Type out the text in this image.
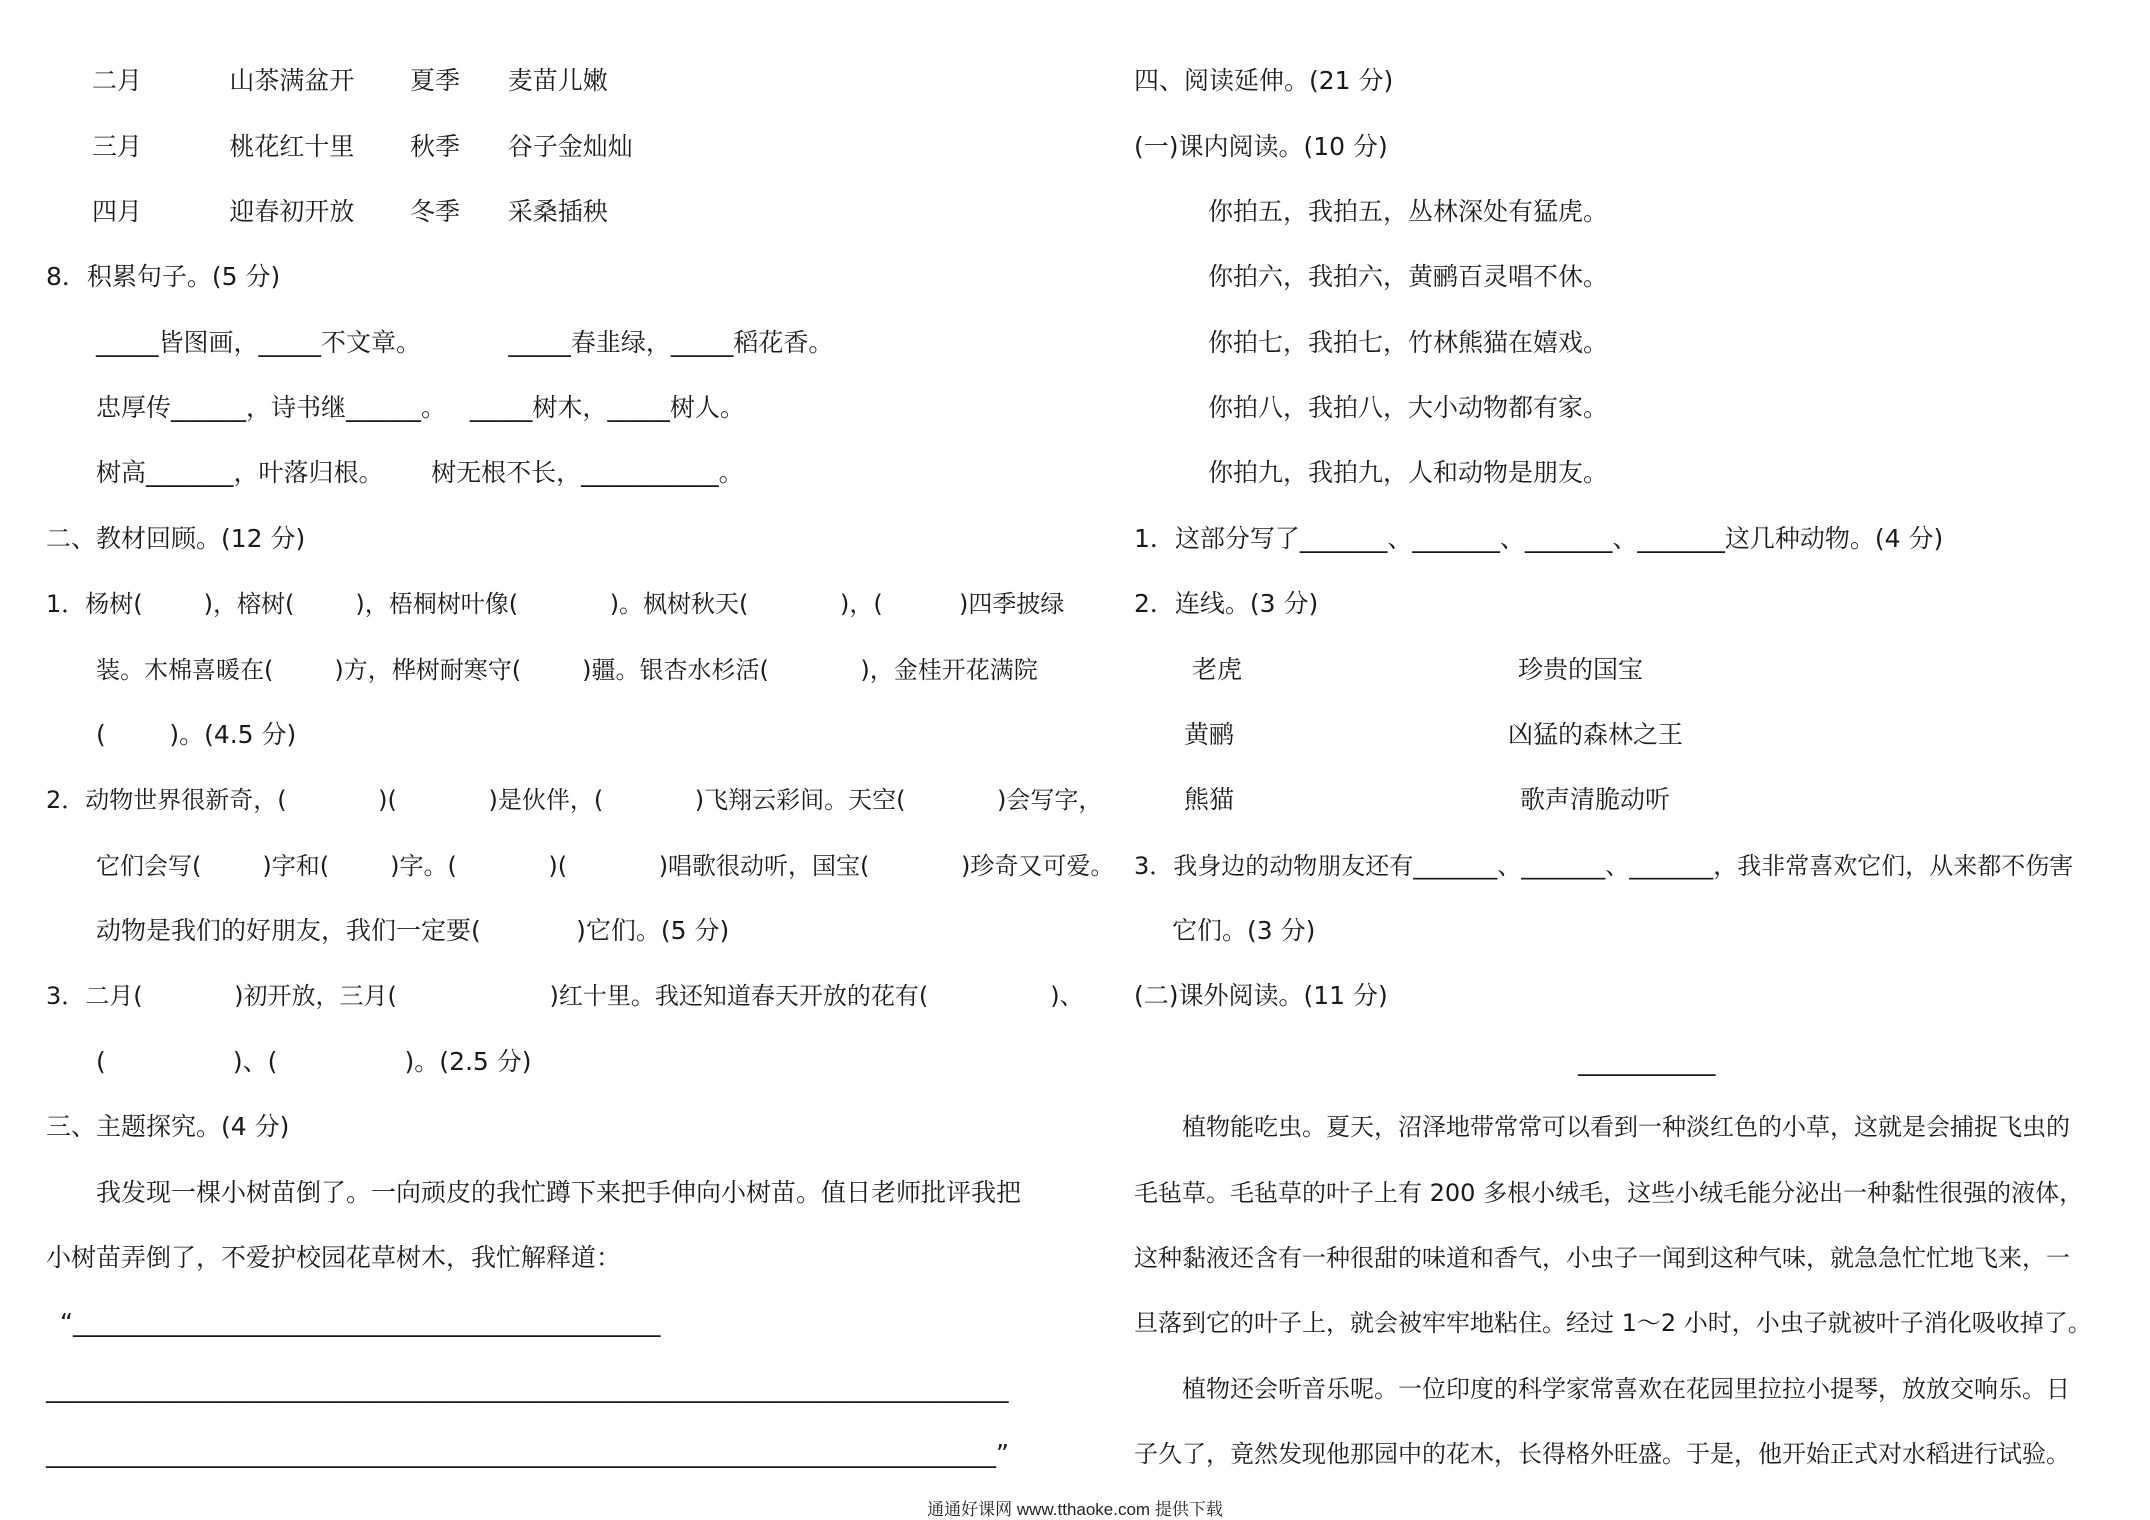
二月           山茶满盆开       夏季      麦苗儿嫩
三月           桃花红十里       秋季      谷子金灿灿
四月           迎春初开放       冬季      采桑插秧
8．积累句子。(5 分)
_____皆图画，_____不文章。           _____春韭绿，_____稻花香。
忠厚传______，诗书继______。   _____树木，_____树人。
树高_______，叶落归根。      树无根不长，___________。
二、教材回顾。(12 分)
1．杨树(        )，榕树(        )，梧桐树叶像(            )。枫树秋天(            )，(          )四季披绿
装。木棉喜暖在(        )方，桦树耐寒守(        )疆。银杏水杉活(            )，金桂开花满院
(        )。(4.5 分)
2．动物世界很新奇，(            )(            )是伙伴，(            )飞翔云彩间。天空(            )会写字，
它们会写(        )字和(        )字。(            )(            )唱歌很动听，国宝(            )珍奇又可爱。
动物是我们的好朋友，我们一定要(            )它们。(5 分)
3．二月(            )初开放，三月(                    )红十里。我还知道春天开放的花有(                )、
(                )、(                )。(2.5 分)
三、主题探究。(4 分)
我发现一棵小树苗倒了。一向顽皮的我忙蹲下来把手伸向小树苗。值日老师批评我把
小树苗弄倒了，不爱护校园花草树木，我忙解释道：
“_______________________________________________
_____________________________________________________________________________
____________________________________________________________________________”
四、阅读延伸。(21 分)
(一)课内阅读。(10 分)
你拍五，我拍五，丛林深处有猛虎。
你拍六，我拍六，黄鹂百灵唱不休。
你拍七，我拍七，竹林熊猫在嬉戏。
你拍八，我拍八，大小动物都有家。
你拍九，我拍九，人和动物是朋友。
1．这部分写了_______、_______、_______、_______这几种动物。(4 分)
2．连线。(3 分)
老虎	珍贵的国宝
黄鹂	凶猛的森林之王
熊猫	歌声清脆动听
3．我身边的动物朋友还有_______、_______、_______，我非常喜欢它们，从来都不伤害
它们。(3 分)
(二)课外阅读。(11 分)
___________
植物能吃虫。夏天，沼泽地带常常可以看到一种淡红色的小草，这就是会捕捉飞虫的
毛毡草。毛毡草的叶子上有 200 多根小绒毛，这些小绒毛能分泌出一种黏性很强的液体，
这种黏液还含有一种很甜的味道和香气，小虫子一闻到这种气味，就急急忙忙地飞来，一
旦落到它的叶子上，就会被牢牢地粘住。经过 1～2 小时，小虫子就被叶子消化吸收掉了。
植物还会听音乐呢。一位印度的科学家常喜欢在花园里拉拉小提琴，放放交响乐。日
子久了，竟然发现他那园中的花木，长得格外旺盛。于是，他开始正式对水稻进行试验。
通通好课网 www.tthaoke.com 提供下载
